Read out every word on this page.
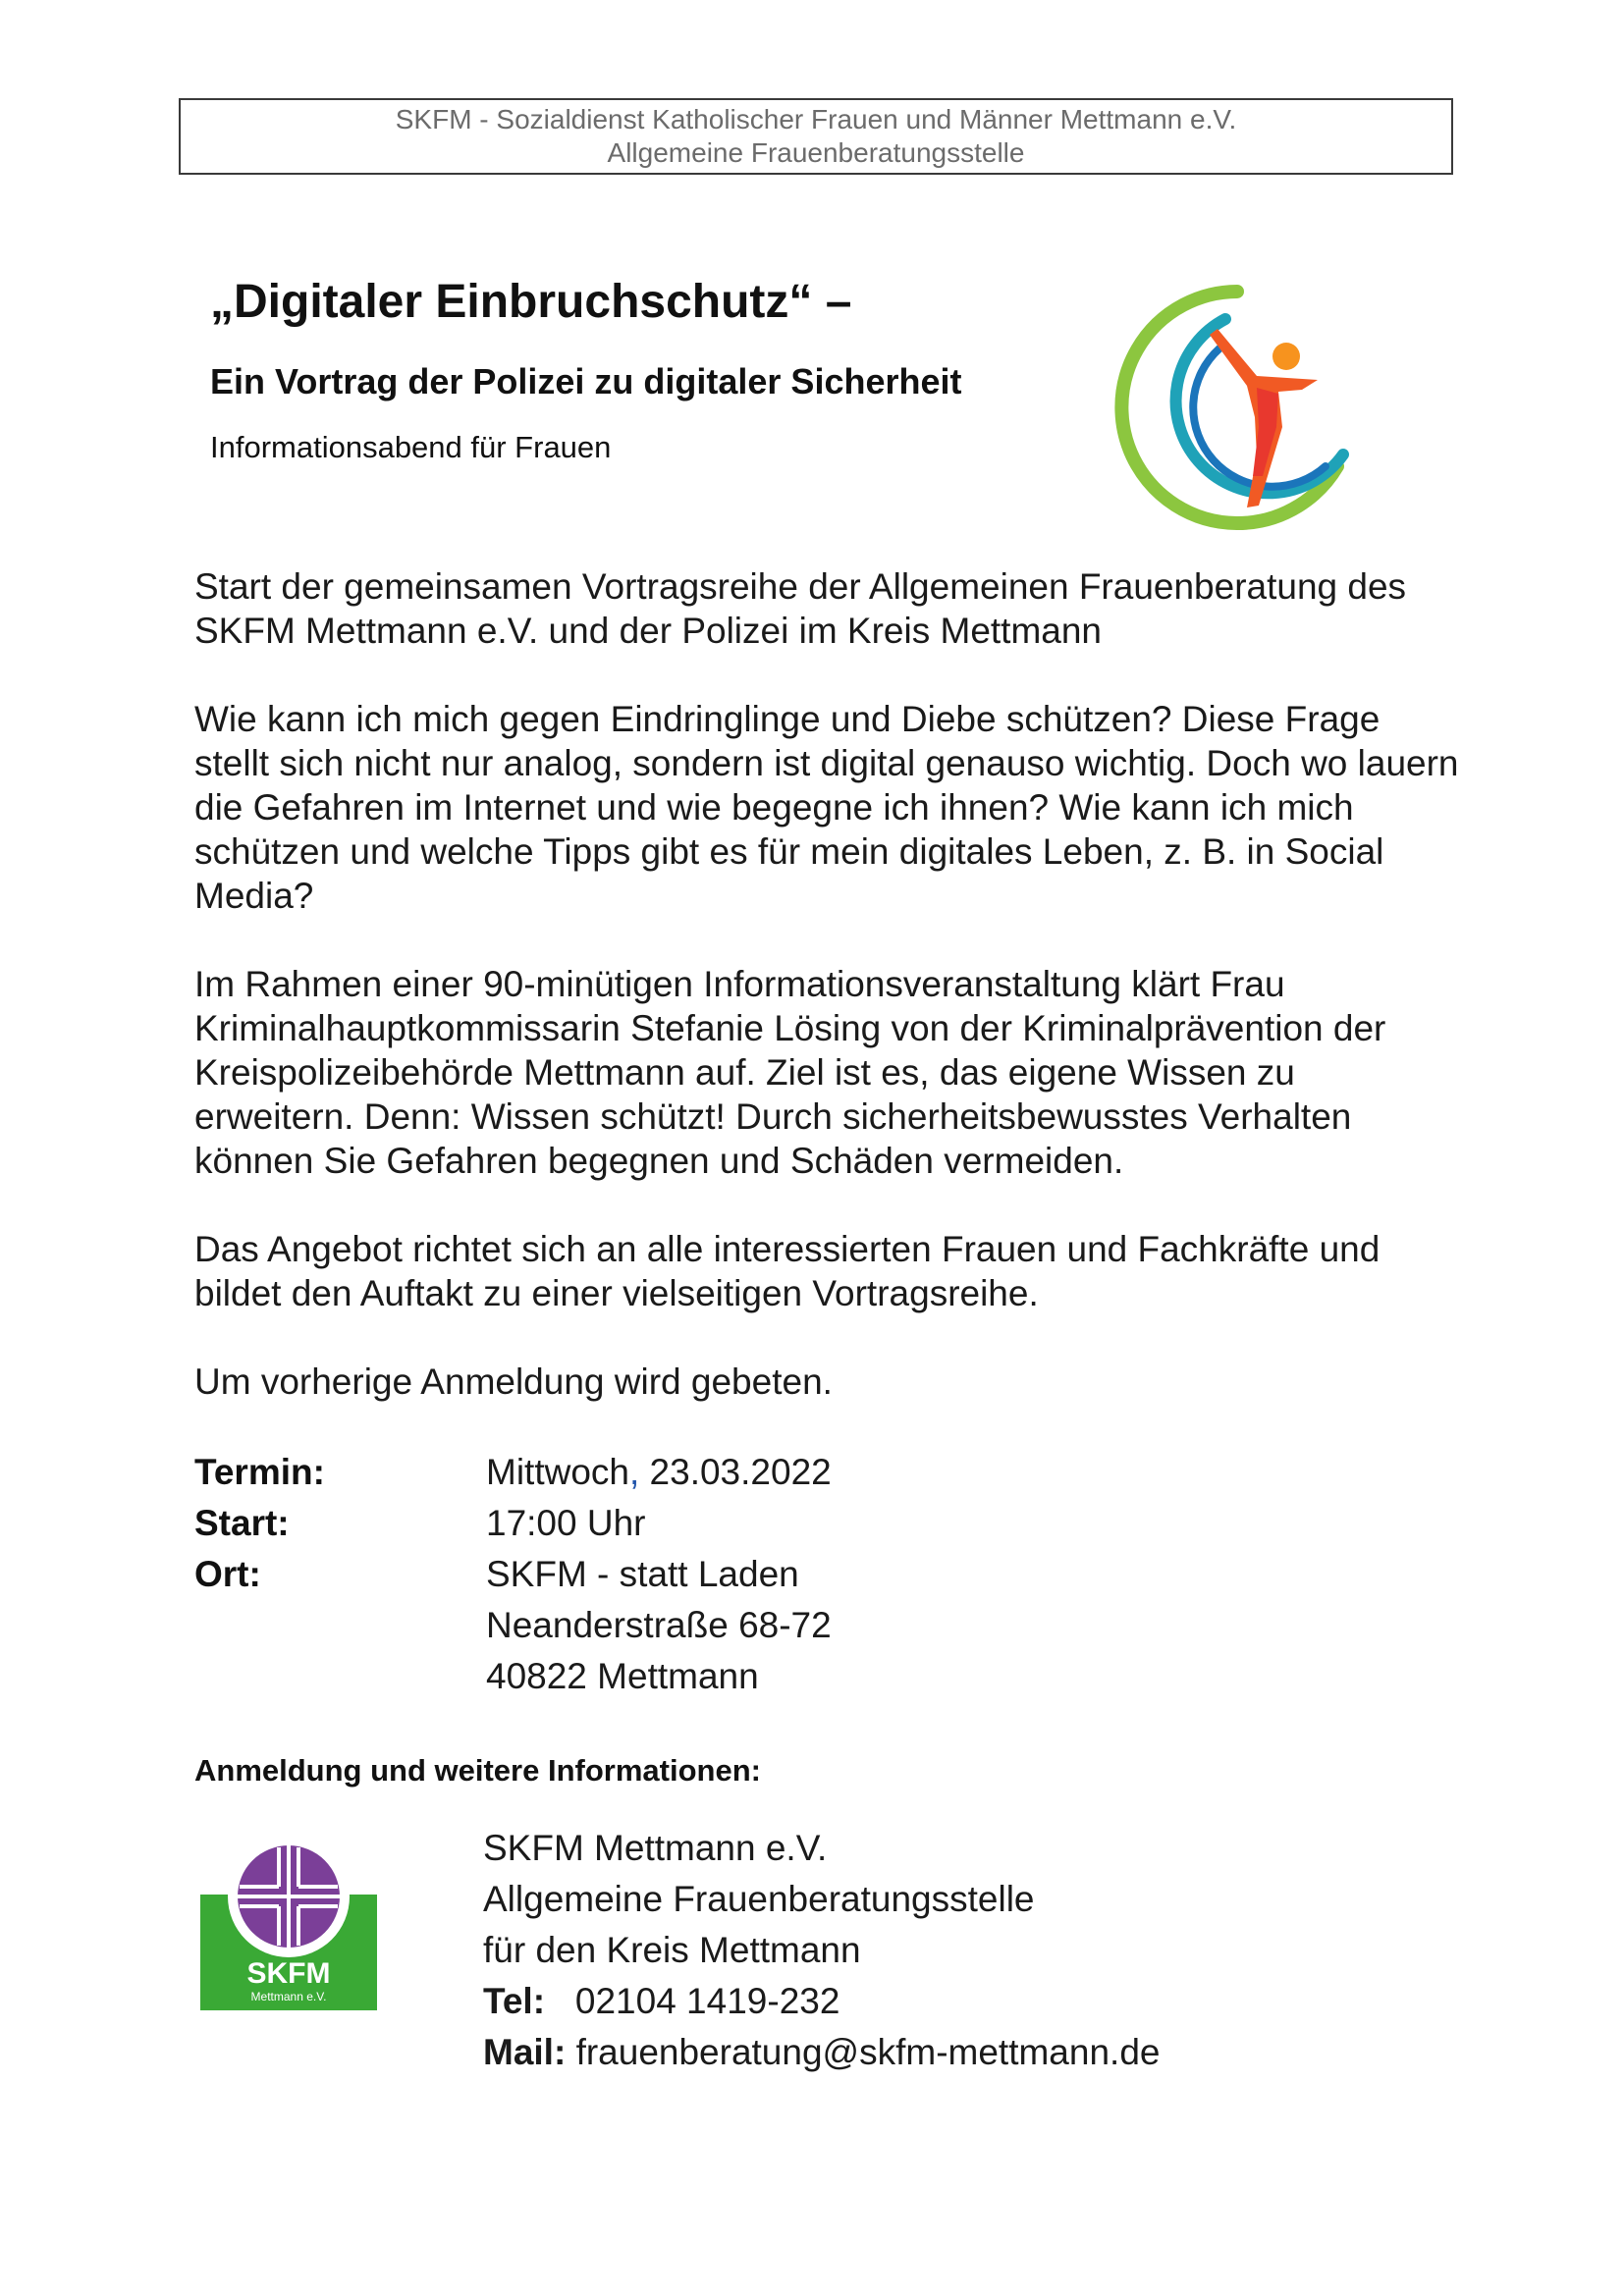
SKFM - Sozialdienst Katholischer Frauen und Männer Mettmann e.V.
Allgemeine Frauenberatungsstelle
„Digitaler Einbruchschutz“ –
Ein Vortrag der Polizei zu digitaler Sicherheit
Informationsabend für Frauen

Start der gemeinsamen Vortragsreihe der Allgemeinen Frauenberatung des SKFM Mettmann e.V. und der Polizei im Kreis Mettmann

Wie kann ich mich gegen Eindringlinge und Diebe schützen? Diese Frage stellt sich nicht nur analog, sondern ist digital genauso wichtig. Doch wo lauern die Gefahren im Internet und wie begegne ich ihnen? Wie kann ich mich schützen und welche Tipps gibt es für mein digitales Leben, z. B. in Social Media?

Im Rahmen einer 90-minütigen Informationsveranstaltung klärt Frau Kriminalhauptkommissarin Stefanie Lösing von der Kriminalprävention der Kreispolizeibehörde Mettmann auf. Ziel ist es, das eigene Wissen zu erweitern. Denn: Wissen schützt! Durch sicherheitsbewusstes Verhalten können Sie Gefahren begegnen und Schäden vermeiden.

Das Angebot richtet sich an alle interessierten Frauen und Fachkräfte und bildet den Auftakt zu einer vielseitigen Vortragsreihe.

Um vorherige Anmeldung wird gebeten.

Termin:	Mittwoch, 23.03.2022
Start:	17:00 Uhr
Ort:	SKFM - statt Laden
Neanderstraße 68-72
40822 Mettmann
Anmeldung und weitere Informationen:
SKFM
Mettmann e.V.
SKFM Mettmann e.V.
Allgemeine Frauenberatungsstelle
für den Kreis Mettmann
Tel: 02104 1419-232
Mail: frauenberatung@skfm-mettmann.de
